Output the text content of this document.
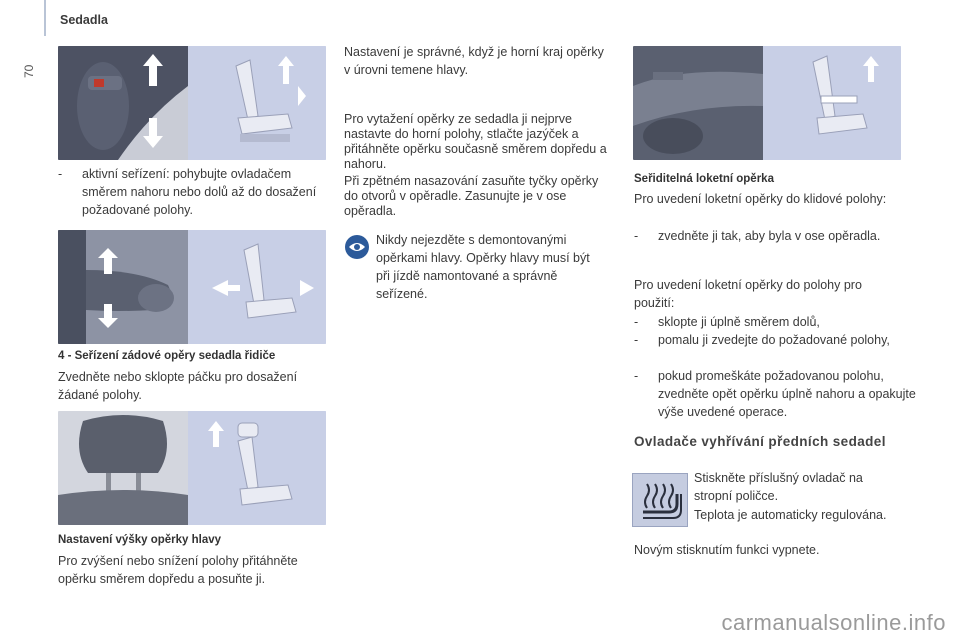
Sedadla
70
-	aktivní seřízení: pohybujte ovladačem směrem nahoru nebo dolů až do dosažení požadované polohy.
4 - Seřízení zádové opěry sedadla řidiče
Zvedněte nebo sklopte páčku pro dosažení žádané polohy.
Nastavení výšky opěrky hlavy
Pro zvýšení nebo snížení polohy přitáhněte opěrku směrem dopředu a posuňte ji.
Nastavení je správné, když je horní kraj opěrky v úrovni temene hlavy.
Pro vytažení opěrky ze sedadla ji nejprve nastavte do horní polohy, stlačte jazýček a přitáhněte opěrku současně směrem dopředu a nahoru.
Při zpětném nasazování zasuňte tyčky opěrky do otvorů v opěradle. Zasunujte je v ose opěradla.
Nikdy nejezděte s demontovanými opěrkami hlavy. Opěrky hlavy musí být při jízdě namontované a správně seřízené.
Seřiditelná loketní opěrka
Pro uvedení loketní opěrky do klidové polohy:
-	zvedněte ji tak, aby byla v ose opěradla.
Pro uvedení loketní opěrky do polohy pro použití:
-	sklopte ji úplně směrem dolů,
-	pomalu ji zvedejte do požadované polohy,
-	pokud promeškáte požadovanou polohu, zvedněte opět opěrku úplně nahoru a opakujte výše uvedené operace.
Ovladače vyhřívání předních sedadel
Stiskněte příslušný ovladač na stropní poličce.
Teplota je automaticky regulována.
Novým stisknutím funkci vypnete.
carmanualsonline.info
